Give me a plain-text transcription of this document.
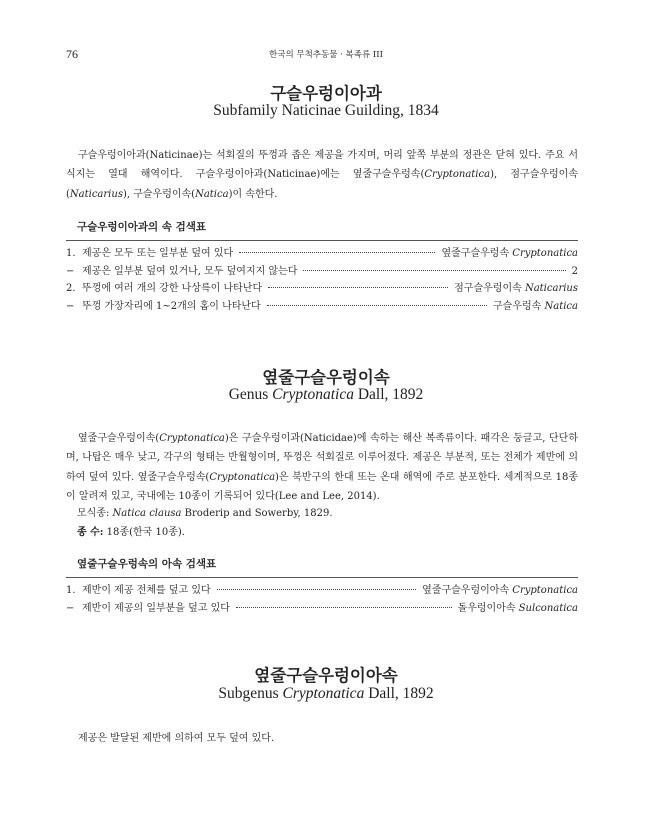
76	한국의 무척추동물 · 복족류 III
구슬우렁이아과
Subfamily Naticinae Guilding, 1834

구슬우렁이아과(Naticinae)는 석회질의 뚜껑과 좁은 제공을 가지며, 머리 앞쪽 부분의 정관은 닫혀 있다. 주요 서식지는 열대 해역이다. 구슬우렁이아과(Naticinae)에는 옆줄구슬우렁속(Cryptonatica), 점구슬우렁이속(Naticarius), 구슬우렁이속(Natica)이 속한다.

구슬우렁이아과의 속 검색표
1. 제공은 모두 또는 일부분 덮여 있다	옆줄구슬우렁속 Cryptonatica
− 제공은 일부분 덮여 있거나, 모두 덮여지지 않는다	2
2. 뚜껑에 여러 개의 강한 나상륵이 나타난다	점구슬우렁이속 Naticarius
− 뚜껑 가장자리에 1~2개의 홈이 나타난다	구슬우렁속 Natica
옆줄구슬우렁이속
Genus Cryptonatica Dall, 1892

옆줄구슬우렁이속(Cryptonatica)은 구슬우렁이과(Naticidae)에 속하는 해산 복족류이다. 패각은 둥글고, 단단하며, 나탑은 매우 낮고, 각구의 형태는 반월형이며, 뚜껑은 석회질로 이루어졌다. 제공은 부분적, 또는 전체가 제반에 의하여 덮여 있다. 옆줄구슬우렁속(Cryptonatica)은 북반구의 한대 또는 온대 해역에 주로 분포한다. 세계적으로 18종이 알려져 있고, 국내에는 10종이 기록되어 있다(Lee and Lee, 2014).

모식종: Natica clausa Broderip and Sowerby, 1829.
종 수: 18종(한국 10종).
옆줄구슬우렁속의 아속 검색표
1. 제반이 제공 전체를 덮고 있다	옆줄구슬우렁이아속 Cryptonatica
− 제반이 제공의 일부분을 덮고 있다	돌우렁이아속 Sulconatica
옆줄구슬우렁이아속
Subgenus Cryptonatica Dall, 1892

제공은 발달된 제반에 의하여 모두 덮여 있다.
